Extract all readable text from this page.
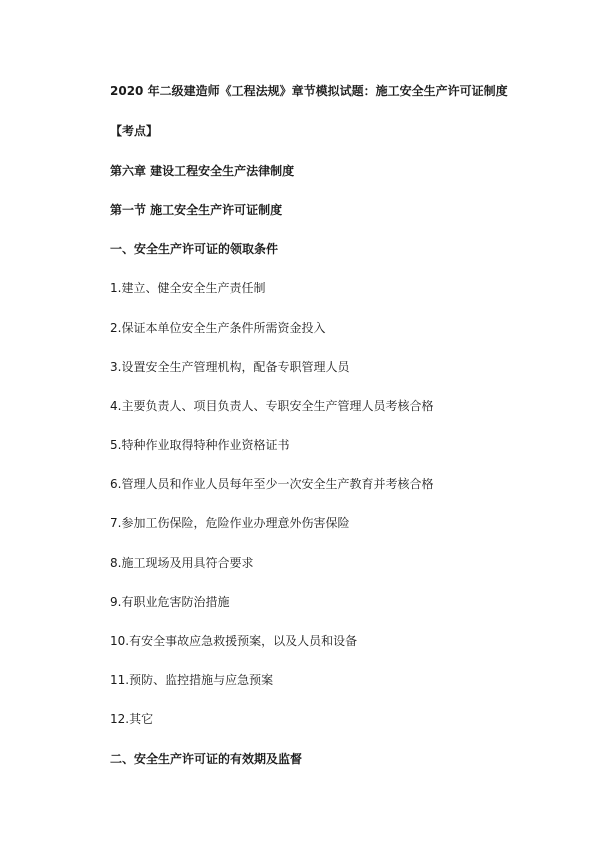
2020 年二级建造师《工程法规》章节模拟试题：施工安全生产许可证制度
【考点】
第六章 建设工程安全生产法律制度
第一节 施工安全生产许可证制度
一、安全生产许可证的领取条件
1.建立、健全安全生产责任制
2.保证本单位安全生产条件所需资金投入
3.设置安全生产管理机构，配备专职管理人员
4.主要负责人、项目负责人、专职安全生产管理人员考核合格
5.特种作业取得特种作业资格证书
6.管理人员和作业人员每年至少一次安全生产教育并考核合格
7.参加工伤保险，危险作业办理意外伤害保险
8.施工现场及用具符合要求
9.有职业危害防治措施
10.有安全事故应急救援预案，以及人员和设备
11.预防、监控措施与应急预案
12.其它
二、安全生产许可证的有效期及监督
